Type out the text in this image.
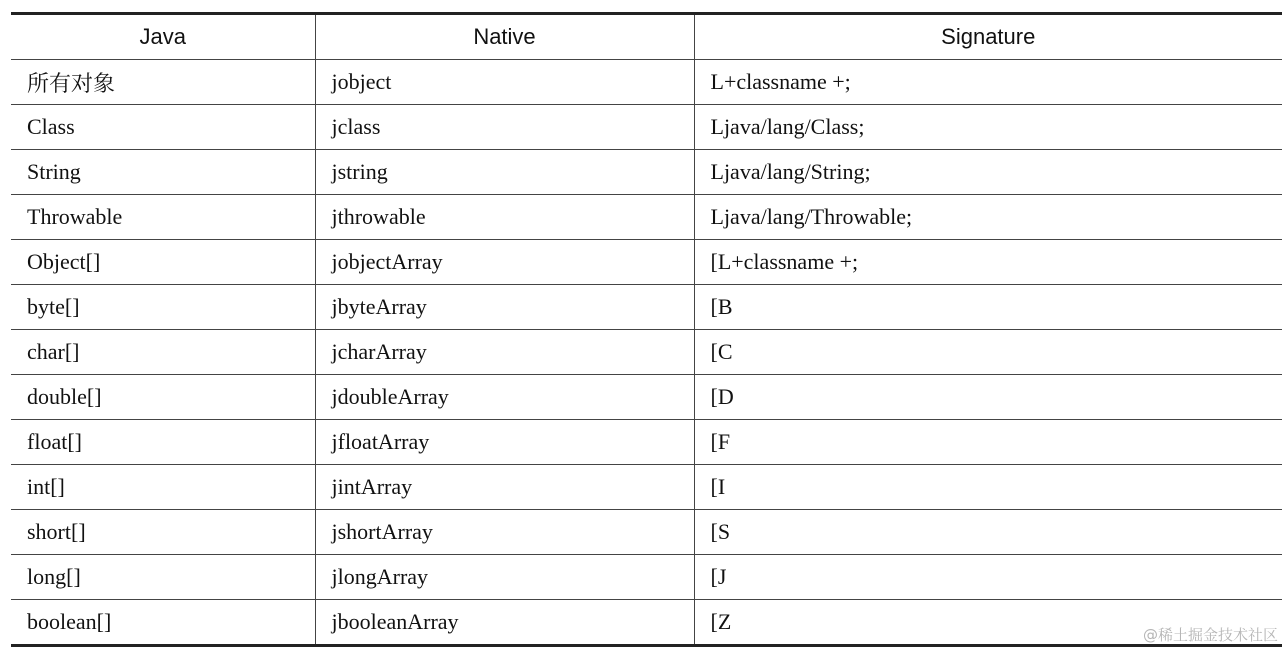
Java	Native	Signature
所有对象	jobject	L+classname +;
Class	jclass	Ljava/lang/Class;
String	jstring	Ljava/lang/String;
Throwable	jthrowable	Ljava/lang/Throwable;
Object[]	jobjectArray	[L+classname +;
byte[]	jbyteArray	[B
char[]	jcharArray	[C
double[]	jdoubleArray	[D
float[]	jfloatArray	[F
int[]	jintArray	[I
short[]	jshortArray	[S
long[]	jlongArray	[J
boolean[]	jbooleanArray	[Z
@稀土掘金技术社区
